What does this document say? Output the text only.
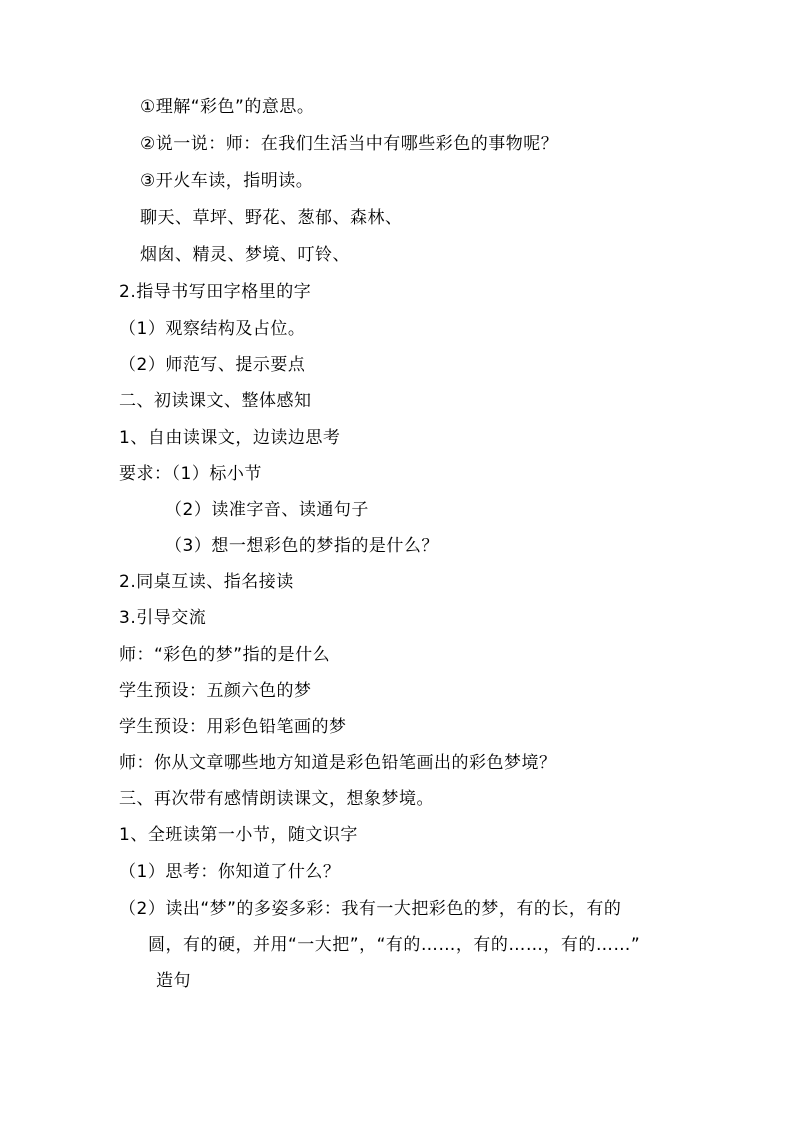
①理解“彩色”的意思。
②说一说：师：在我们生活当中有哪些彩色的事物呢？
③开火车读，指明读。
聊天、草坪、野花、葱郁、森林、
烟囱、精灵、梦境、叮铃、
2.指导书写田字格里的字
（1）观察结构及占位。
（2）师范写、提示要点
二、初读课文、整体感知
1、自由读课文，边读边思考
要求：（1）标小节
（2）读准字音、读通句子
（3）想一想彩色的梦指的是什么？
2.同桌互读、指名接读
3.引导交流
师：“彩色的梦”指的是什么
学生预设：五颜六色的梦
学生预设：用彩色铅笔画的梦
师：你从文章哪些地方知道是彩色铅笔画出的彩色梦境？
三、再次带有感情朗读课文，想象梦境。
1、全班读第一小节，随文识字
（1）思考：你知道了什么？
（2）读出“梦”的多姿多彩：我有一大把彩色的梦，有的长，有的
圆，有的硬，并用“一大把”，“有的……，有的……，有的……”
造句
